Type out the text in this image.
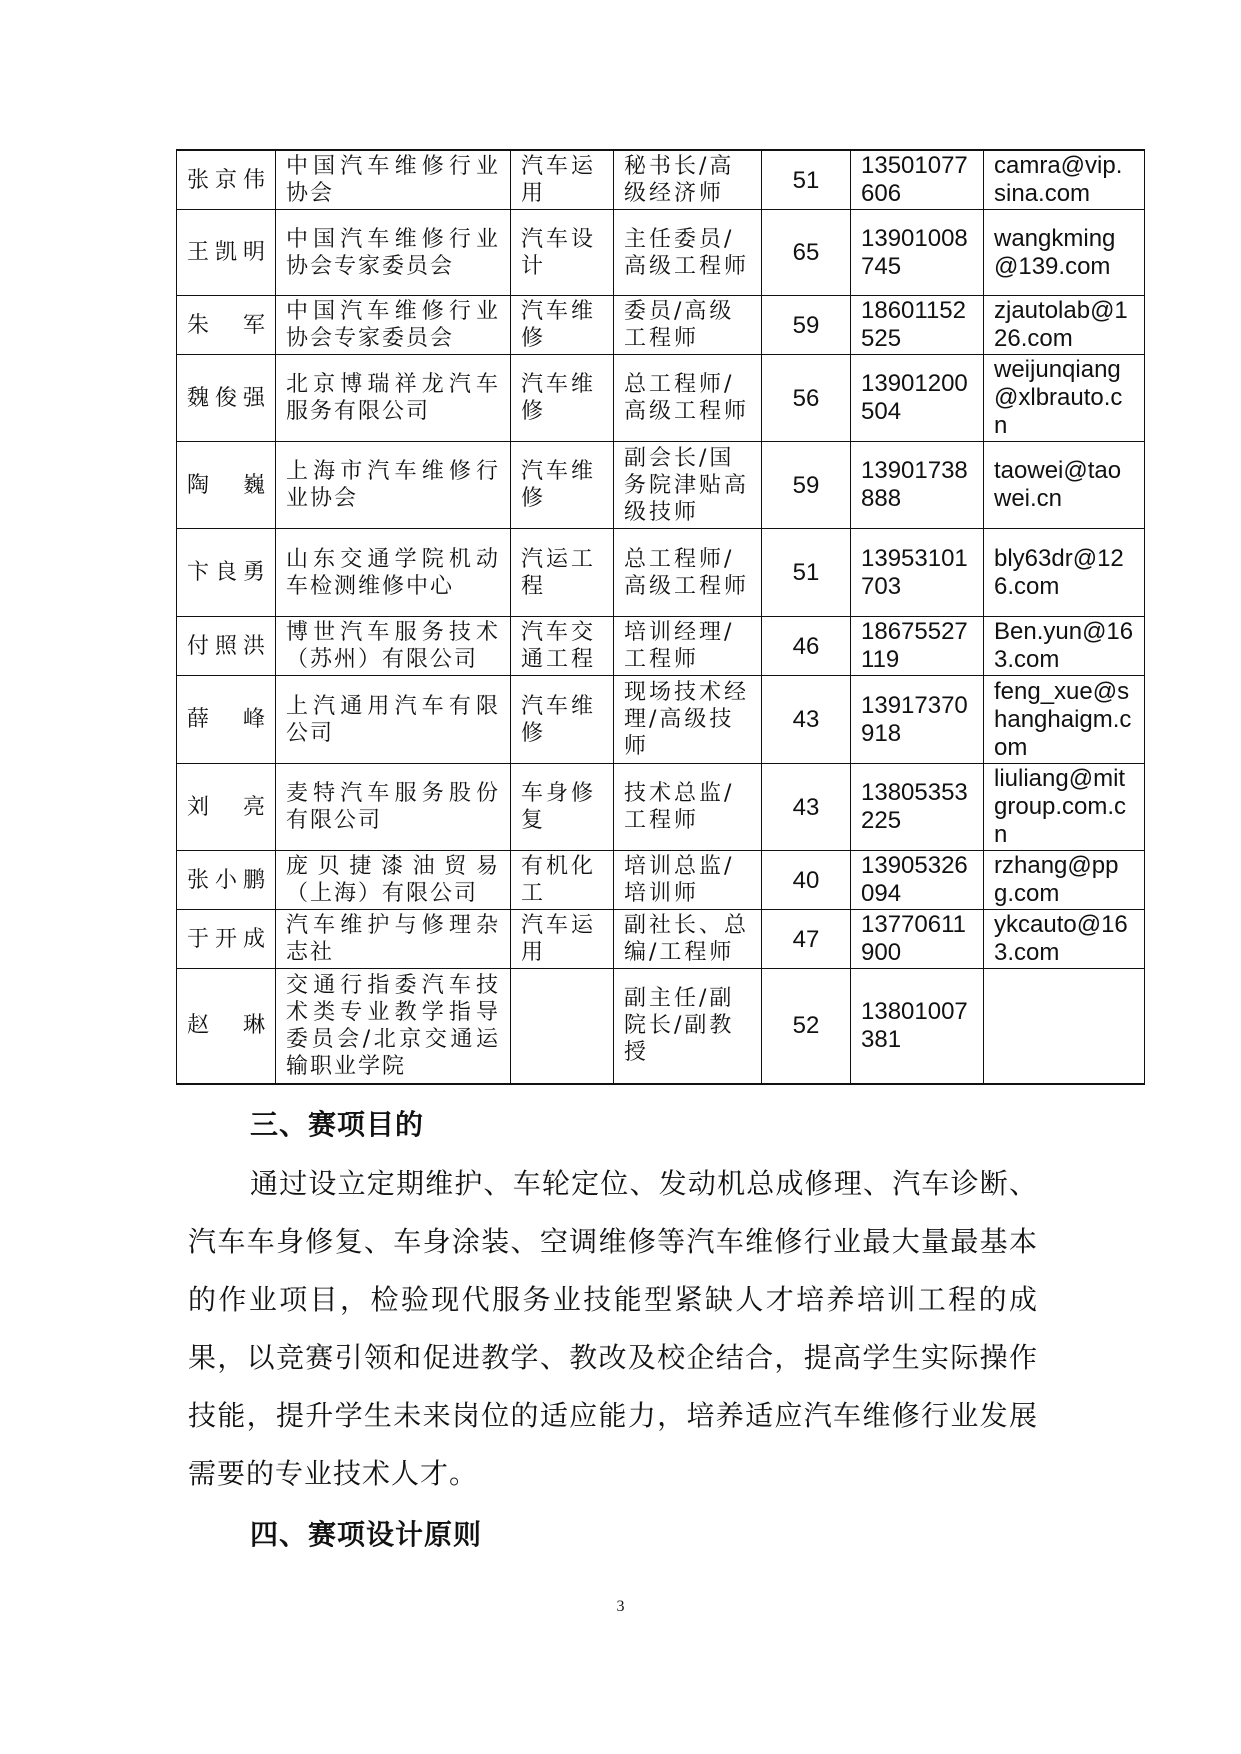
张京伟	中国汽车维修行业协会	汽车运用	秘书长/高级经济师	51	13501077606	camra@vip.sina.com
王凯明	中国汽车维修行业协会专家委员会	汽车设计	主任委员/高级工程师	65	13901008745	wangkming@139.com
朱 军	中国汽车维修行业协会专家委员会	汽车维修	委员/高级工程师	59	18601152525	zjautolab@126.com
魏俊强	北京博瑞祥龙汽车服务有限公司	汽车维修	总工程师/高级工程师	56	13901200504	weijunqiang@xlbrauto.cn
陶 巍	上海市汽车维修行业协会	汽车维修	副会长/国务院津贴高级技师	59	13901738888	taowei@taowei.cn
卞良勇	山东交通学院机动车检测维修中心	汽运工程	总工程师/高级工程师	51	13953101703	bly63dr@126.com
付照洪	博世汽车服务技术（苏州）有限公司	汽车交通工程	培训经理/工程师	46	18675527119	Ben.yun@163.com
薛 峰	上汽通用汽车有限公司	汽车维修	现场技术经理/高级技师	43	13917370918	feng_xue@shanghaigm.com
刘 亮	麦特汽车服务股份有限公司	车身修复	技术总监/工程师	43	13805353225	liuliang@mitgroup.com.cn
张小鹏	庞贝捷漆油贸易（上海）有限公司	有机化工	培训总监/培训师	40	13905326094	rzhang@ppg.com
于开成	汽车维护与修理杂志社	汽车运用	副社长、总编/工程师	47	13770611900	ykcauto@163.com
赵 琳	交通行指委汽车技术类专业教学指导委员会/北京交通运输职业学院		副主任/副院长/副教授	52	13801007381	
三、赛项目的
通过设立定期维护、车轮定位、发动机总成修理、汽车诊断、汽车车身修复、车身涂装、空调维修等汽车维修行业最大量最基本的作业项目，检验现代服务业技能型紧缺人才培养培训工程的成果，以竞赛引领和促进教学、教改及校企结合，提高学生实际操作技能，提升学生未来岗位的适应能力，培养适应汽车维修行业发展需要的专业技术人才。
四、赛项设计原则
3
